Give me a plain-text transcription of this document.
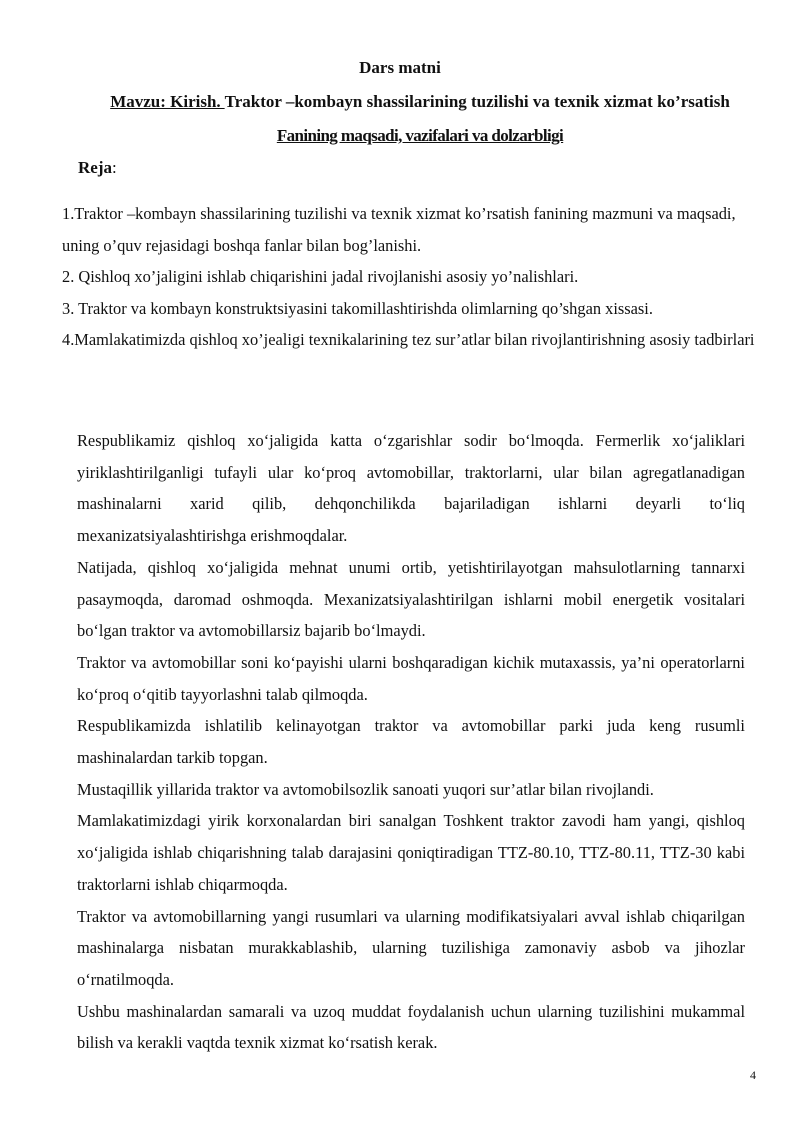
Dars matni
Mavzu: Kirish. Traktor –kombayn shassilarining tuzilishi va texnik xizmat ko’rsatish
Fanining maqsadi, vazifalari va dolzarbligi
Reja:

1.Traktor –kombayn shassilarining tuzilishi va texnik xizmat ko’rsatish fanining mazmuni va maqsadi, uning o’quv rejasidagi boshqa fanlar bilan bog’lanishi.

2. Qishloq xo’jaligini ishlab chiqarishini jadal rivojlanishi asosiy yo’nalishlari.

3. Traktor va kombayn konstruktsiyasini takomillashtirishda olimlarning qo’shgan xissasi.

4.Mamlakatimizda qishloq xo’jealigi texnikalarining tez sur’atlar bilan rivojlantirishning asosiy tadbirlari

Respublikamiz qishloq xo‘jaligida katta o‘zgarishlar sodir bo‘lmoqda. Fermerlik xo‘jaliklari yiriklashtirilganligi tufayli ular ko‘proq avtomobillar, traktorlarni, ular bilan agregatlanadigan mashinalarni xarid qilib, dehqonchilikda bajariladigan ishlarni deyarli to‘liq mexanizatsiyalashtirishga erishmoqdalar.

Natijada, qishloq xo‘jaligida mehnat unumi ortib, yetishtirilayotgan mahsulotlarning tannarxi pasaymoqda, daromad oshmoqda. Mexanizatsiyalashtirilgan ishlarni mobil energetik vositalari bo‘lgan traktor va avtomobillarsiz bajarib bo‘lmaydi.

Traktor va avtomobillar soni ko‘payishi ularni boshqaradigan kichik mutaxassis, ya’ni operatorlarni ko‘proq o‘qitib tayyorlashni talab qilmoqda.

Respublikamizda ishlatilib kelinayotgan traktor va avtomobillar parki juda keng rusumli mashinalardan tarkib topgan.

Mustaqillik yillarida traktor va avtomobilsozlik sanoati yuqori sur’atlar bilan rivojlandi.

Mamlakatimizdagi yirik korxonalardan biri sanalgan Toshkent traktor zavodi ham yangi, qishloq xo‘jaligida ishlab chiqarishning talab darajasini qoniqtiradigan TTZ-80.10, TTZ-80.11, TTZ-30 kabi traktorlarni ishlab chiqarmoqda.

Traktor va avtomobillarning yangi rusumlari va ularning modifikatsiyalari avval ishlab chiqarilgan mashinalarga nisbatan murakkablashib, ularning tuzilishiga zamonaviy asbob va jihozlar o‘rnatilmoqda.

Ushbu mashinalardan samarali va uzoq muddat foydalanish uchun ularning tuzilishini mukammal bilish va kerakli vaqtda texnik xizmat ko‘rsatish kerak.

4
